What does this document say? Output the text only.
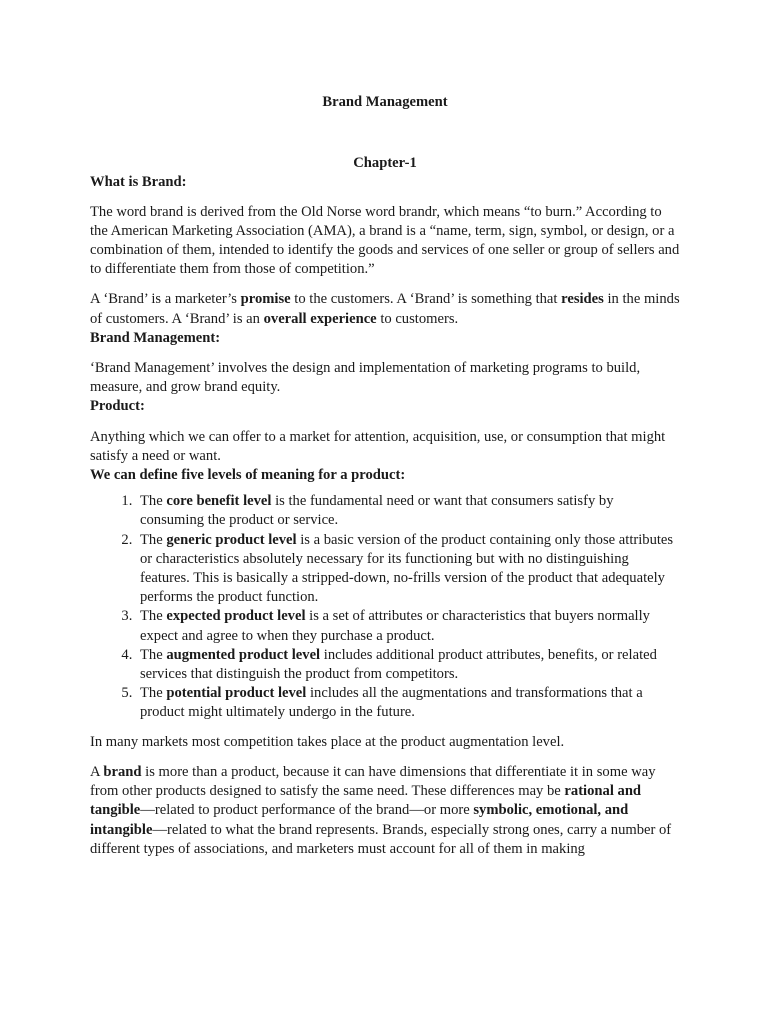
Brand Management

Chapter-1

What is Brand:

The word brand is derived from the Old Norse word brandr, which means “to burn.” According to the American Marketing Association (AMA), a brand is a “name, term, sign, symbol, or design, or a combination of them, intended to identify the goods and services of one seller or group of sellers and to differentiate them from those of competition.”

A ‘Brand’ is a marketer’s promise to the customers. A ‘Brand’ is something that resides in the minds of customers. A ‘Brand’ is an overall experience to customers.

Brand Management:

‘Brand Management’ involves the design and implementation of marketing programs to build, measure, and grow brand equity.

Product:

Anything which we can offer to a market for attention, acquisition, use, or consumption that might satisfy a need or want.

We can define five levels of meaning for a product:
1. The core benefit level is the fundamental need or want that consumers satisfy by consuming the product or service.
2. The generic product level is a basic version of the product containing only those attributes or characteristics absolutely necessary for its functioning but with no distinguishing features. This is basically a stripped-down, no-frills version of the product that adequately performs the product function.
3. The expected product level is a set of attributes or characteristics that buyers normally expect and agree to when they purchase a product.
4. The augmented product level includes additional product attributes, benefits, or related services that distinguish the product from competitors.
5. The potential product level includes all the augmentations and transformations that a product might ultimately undergo in the future.

In many markets most competition takes place at the product augmentation level.

A brand is more than a product, because it can have dimensions that differentiate it in some way from other products designed to satisfy the same need. These differences may be rational and tangible—related to product performance of the brand—or more symbolic, emotional, and intangible—related to what the brand represents. Brands, especially strong ones, carry a number of different types of associations, and marketers must account for all of them in making
